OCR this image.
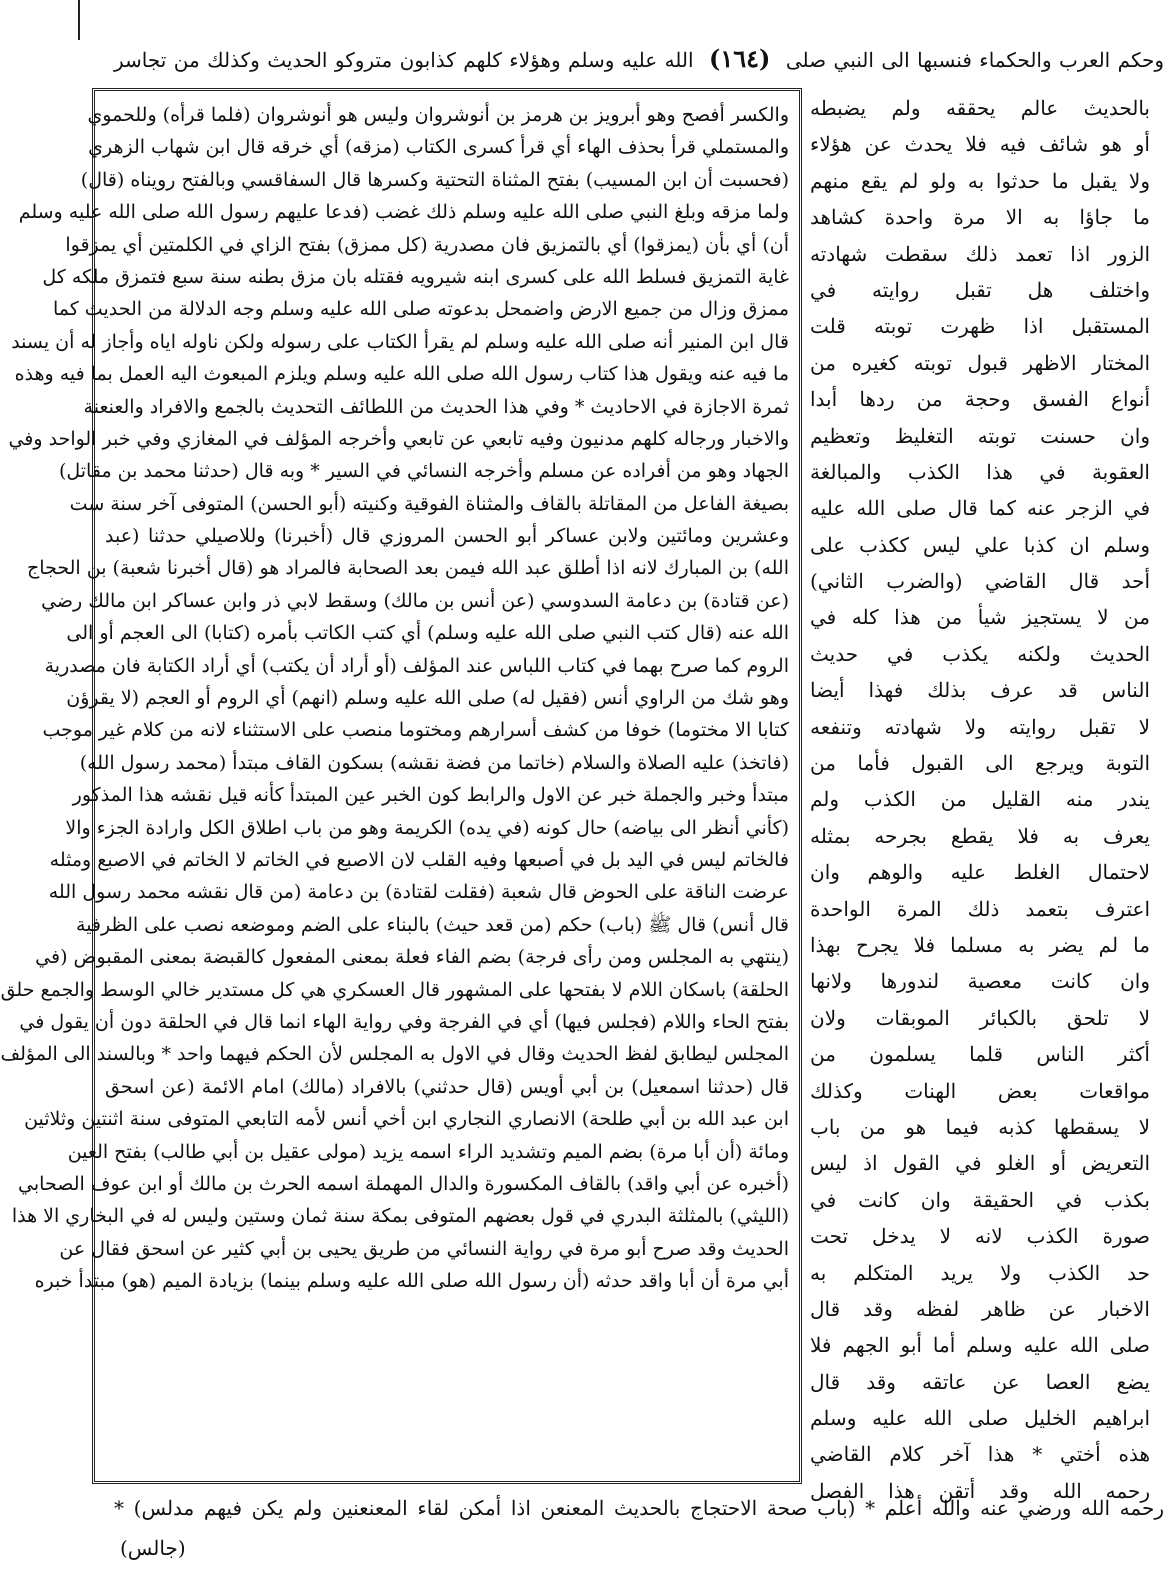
وحكم العرب والحكماء فنسبها الى النبي صلى (١٦٤) الله عليه وسلم وهؤلاء كلهم كذابون متروكو الحديث وكذلك من تجاسر
والكسر أفصح وهو أبرويز بن هرمز بن أنوشروان وليس هو أنوشروان (فلما قرأه) وللحموي
والمستملي قرأ بحذف الهاء أي قرأ كسرى الكتاب (مزقه) أي خرقه قال ابن شهاب الزهري
(فحسبت أن ابن المسيب) بفتح المثناة التحتية وكسرها قال السفاقسي وبالفتح رويناه (قال)
ولما مزقه وبلغ النبي صلى الله عليه وسلم ذلك غضب (فدعا عليهم رسول الله صلى الله عليه وسلم
أن) أي بأن (يمزقوا) أي بالتمزيق فان مصدرية (كل ممزق) بفتح الزاي في الكلمتين أي يمزقوا
غاية التمزيق فسلط الله على كسرى ابنه شيرويه فقتله بان مزق بطنه سنة سبع فتمزق ملكه كل
ممزق وزال من جميع الارض واضمحل بدعوته صلى الله عليه وسلم وجه الدلالة من الحديث كما
قال ابن المنير أنه صلى الله عليه وسلم لم يقرأ الكتاب على رسوله ولكن ناوله اياه وأجاز له أن يسند
ما فيه عنه ويقول هذا كتاب رسول الله صلى الله عليه وسلم ويلزم المبعوث اليه العمل بما فيه وهذه
ثمرة الاجازة في الاحاديث * وفي هذا الحديث من اللطائف التحديث بالجمع والافراد والعنعنة
والاخبار ورجاله كلهم مدنيون وفيه تابعي عن تابعي وأخرجه المؤلف في المغازي وفي خبر الواحد وفي
الجهاد وهو من أفراده عن مسلم وأخرجه النسائي في السير * وبه قال (حدثنا محمد بن مقاتل)
بصيغة الفاعل من المقاتلة بالقاف والمثناة الفوقية وكنيته (أبو الحسن) المتوفى آخر سنة ست
وعشرين ومائتين ولابن عساكر أبو الحسن المروزي قال (أخبرنا) وللاصيلي حدثنا (عبد
الله) بن المبارك لانه اذا أطلق عبد الله فيمن بعد الصحابة فالمراد هو (قال أخبرنا شعبة) بن الحجاج
(عن قتادة) بن دعامة السدوسي (عن أنس بن مالك) وسقط لابي ذر وابن عساكر ابن مالك رضي
الله عنه (قال كتب النبي صلى الله عليه وسلم) أي كتب الكاتب بأمره (كتابا) الى العجم أو الى
الروم كما صرح بهما في كتاب اللباس عند المؤلف (أو أراد أن يكتب) أي أراد الكتابة فان مصدرية
وهو شك من الراوي أنس (فقيل له) صلى الله عليه وسلم (انهم) أي الروم أو العجم (لا يقرؤن
كتابا الا مختوما) خوفا من كشف أسرارهم ومختوما منصب على الاستثناء لانه من كلام غير موجب
(فاتخذ) عليه الصلاة والسلام (خاتما من فضة نقشه) بسكون القاف مبتدأ (محمد رسول الله)
مبتدأ وخبر والجملة خبر عن الاول والرابط كون الخبر عين المبتدأ كأنه قيل نقشه هذا المذكور
(كأني أنظر الى بياضه) حال كونه (في يده) الكريمة وهو من باب اطلاق الكل وارادة الجزء والا
فالخاتم ليس في اليد بل في أصبعها وفيه القلب لان الاصبع في الخاتم لا الخاتم في الاصبع ومثله
عرضت الناقة على الحوض قال شعبة (فقلت لقتادة) بن دعامة (من قال نقشه محمد رسول الله
قال أنس) قال ﷺ (باب) حكم (من قعد حيث) بالبناء على الضم وموضعه نصب على الظرفية
(ينتهي به المجلس ومن رأى فرجة) بضم الفاء فعلة بمعنى المفعول كالقبضة بمعنى المقبوض (في
الحلقة) باسكان اللام لا بفتحها على المشهور قال العسكري هي كل مستدير خالي الوسط والجمع حلق
بفتح الحاء واللام (فجلس فيها) أي في الفرجة وفي رواية الهاء انما قال في الحلقة دون أن يقول في
المجلس ليطابق لفظ الحديث وقال في الاول به المجلس لأن الحكم فيهما واحد * وبالسند الى المؤلف
قال (حدثنا اسمعيل) بن أبي أويس (قال حدثني) بالافراد (مالك) امام الائمة (عن اسحق
ابن عبد الله بن أبي طلحة) الانصاري النجاري ابن أخي أنس لأمه التابعي المتوفى سنة اثنتين وثلاثين
ومائة (أن أبا مرة) بضم الميم وتشديد الراء اسمه يزيد (مولى عقيل بن أبي طالب) بفتح العين
(أخبره عن أبي واقد) بالقاف المكسورة والدال المهملة اسمه الحرث بن مالك أو ابن عوف الصحابي
(الليثي) بالمثلثة البدري في قول بعضهم المتوفى بمكة سنة ثمان وستين وليس له في البخاري الا هذا
الحديث وقد صرح أبو مرة في رواية النسائي من طريق يحيى بن أبي كثير عن اسحق فقال عن
أبي مرة أن أبا واقد حدثه (أن رسول الله صلى الله عليه وسلم بينما) بزيادة الميم (هو) مبتدأ خبره
بالحديث عالم يحققه ولم يضبطه
أو هو شائف فيه فلا يحدث عن هؤلاء
ولا يقبل ما حدثوا به ولو لم يقع منهم
ما جاؤا به الا مرة واحدة كشاهد
الزور اذا تعمد ذلك سقطت شهادته
واختلف هل تقبل روايته في
المستقبل اذا ظهرت توبته قلت
المختار الاظهر قبول توبته كغيره من
أنواع الفسق وحجة من ردها أبدا
وان حسنت توبته التغليظ وتعظيم
العقوبة في هذا الكذب والمبالغة
في الزجر عنه كما قال صلى الله عليه
وسلم ان كذبا علي ليس ككذب على
أحد قال القاضي (والضرب الثاني)
من لا يستجيز شيأ من هذا كله في
الحديث ولكنه يكذب في حديث
الناس قد عرف بذلك فهذا أيضا
لا تقبل روايته ولا شهادته وتنفعه
التوبة ويرجع الى القبول فأما من
يندر منه القليل من الكذب ولم
يعرف به فلا يقطع بجرحه بمثله
لاحتمال الغلط عليه والوهم وان
اعترف بتعمد ذلك المرة الواحدة
ما لم يضر به مسلما فلا يجرح بهذا
وان كانت معصية لندورها ولانها
لا تلحق بالكبائر الموبقات ولان
أكثر الناس قلما يسلمون من
مواقعات بعض الهنات وكذلك
لا يسقطها كذبه فيما هو من باب
التعريض أو الغلو في القول اذ ليس
بكذب في الحقيقة وان كانت في
صورة الكذب لانه لا يدخل تحت
حد الكذب ولا يريد المتكلم به
الاخبار عن ظاهر لفظه وقد قال
صلى الله عليه وسلم أما أبو الجهم فلا
يضع العصا عن عاتقه وقد قال
ابراهيم الخليل صلى الله عليه وسلم
هذه أختي * هذا آخر كلام القاضي
رحمه الله وقد أتقن هذا الفصل
رحمه الله ورضي عنه والله أعلم * (باب صحة الاحتجاج بالحديث المعنعن اذا أمكن لقاء المعنعنين ولم يكن فيهم مدلس) *
(جالس)
